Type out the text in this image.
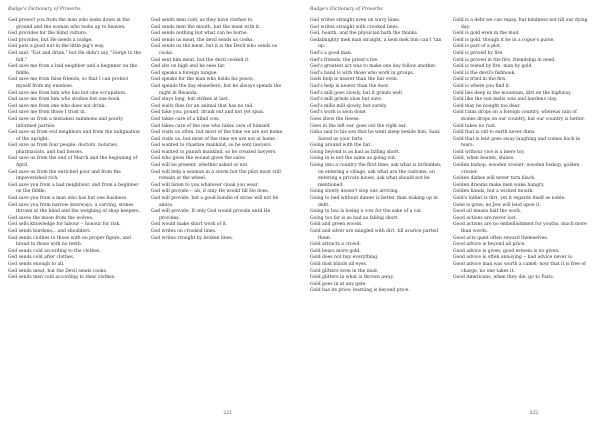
Budge's Dictionary of Proverbs
God protect you from the man who looks down at the ground and the woman who looks up to heaven.
God provides for the blind vulture.
God provides, but He needs a nudge.
God puts a good nut in the little pig's way.
God said, "Eat and drink," but He didn't say, "Gorge to the full."
God save me from a bad neighbor and a beginner on the fiddle.
God save me from false friends, so that I can protect myself from my enemies.
God save me from him who has but one occupation.
God save me from him who studies but one book.
God save me from one who does not drink.
God save me from those I trust in.
God save us from a mistaken summons and poorly informed parties.
God save us from evil neighbors and from the indignation of the upright.
God save us from four people: doctors, notaries, pharmacists, and bad bosses.
God save us from the end of March and the beginning of April.
God save us from the enriched poor and from the impoverished rich.
God save you from a bad neighbour, and from a beginner on the fiddle.
God save you from a man who has but one business.
God save you from narrow doorways, a carving, stones thrown at the blind and the weighing of shop keepers.
God saves the moon from the wolves.
God sells knowledge for labour -- honour for risk.
God sends burdens... and shoulders.
God sends clothes to those with no proper figure, and bread to those with no teeth.
God sends cold according to the clothes.
God sends cold after clothes.
God sends enough to all.
God sends meat, but the Devil sends cooks.
God sends men cold according to their clothes.
God sends men cold, as they have clothes to.
God sends men the mouth, but the meat with it.
God sends nothing but what can be borne.
God sends us meat, the devil sends us cooks.
God sends us the meat, but it is the Devil who sends us cooks.
God sent him meat, but the devil cooked it.
God sits on high and he sees far.
God speaks a foreign tongue.
God speaks for the man who holds his peace.
God spends the day elsewhere, but he always spends the night in Rwanda.
God stays long, but strikes at last.
God waits flies for an animal that has no tail.
God take you, pound, drunk out and not yet spun.
God takes care of a blind cow.
God takes care of the one who takes care of himself.
God visits us often, but most of the time we are not home.
God visits us, but most of the time we are not at home.
God wanted to chastise mankind, so he sent lawyers.
God wanted to punish mankind, so he created lawyers.
God who gives the wound gives the salve.
God will be present, whether asked or not.
God will help a seaman in a storm but the pilot must still remain at the wheel.
God will listen to you whatever cloak you wear.
God will provide -- ah, if only He would till He does.
God will provide, but a good bundle of straw will not be amiss.
God will provide. If only God would provide until He provides.
God would make short work of it.
God writes on crooked lines.
God writes straight by broken lines.
221
Budge's Dictionary of Proverbs
God writes straight even on wavy lines.
God writes straight with crooked lines.
God, health, and the physician hath the thanks.
Godalmighty mek man straight, a nem mek him can't 'tan up.
God's a good man.
God's friends, the priest's foe.
God's greatest act was to make one day follow another.
God's hand is with those who work in groups.
Gods help is nearer than the fair even.
God's help is nearer than the door.
God's mill goes slowly, but it grinds well.
God's mill grinds slow but sure.
God's mills mill slowly, but surely.
God's work is soon done.
Goes show the Geese.
Goes in the left ear, goes out the right ear.
Goha said to his son that he went sleep beside him. Said: Saved us your farts.
Going around with the hat.
Going beyond is as bad as falling short.
Going in is not the same as going out.
Going into a country the first time, ask what is forbidden; on entering a village, ask what are the customs; on entering a private house, ask what should not be mentioned.
Going slowly doesn't stop one arriving.
Going to bed without dinner is better than waking up in debt.
Going to law is losing a cow for the sake of a cat.
Going too far is as bad as falling short.
Gold and green woods.
Gold and silver are mingled with dirt, till avarice parted them.
Gold attracts a crowd.
Gold bears more gold.
Gold does not buy everything.
Gold dust blinds all eyes.
Gold glitters even in the mud.
Gold glitters in what is thrown away.
Gold goes in at any gate.
Gold has its price; learning is beyond price.
Gold is a debt we can repay, but kindness not till our dying day.
Gold is gold even in the mud.
Gold is gold, though it be in a rogue's purse.
Gold is part of a plot.
Gold is proved by fire.
Gold is proved in the fire, friendship in need.
Gold is tested by fire, man by gold.
Gold is the devil's fishhook.
Gold is tried in the fire.
Gold is where you find it.
Gold lies deep in the mountain, dirt on the highway.
Gold like the sun melts wax and hardens clay.
Gold may be bought too dear.
Gold rains drops on a foreign country, whereas rain of stones drops on our country, but our country is better.
Gold takes no rust.
Gold that is old to earth never dims.
Gold that is lent goes away laughing and comes back in tears.
Gold without vice is a mere toy.
Gold, when beaten, shines.
Golden bishop, wooden crosier; wooden bishop, golden crosier.
Golden dishes will never turn black.
Golden dreams make men wake hungry.
Golden hands, but a wicked mouth.
Gold's father is dirt, yet it regards itself as noble.
Gone is gone; no Jew will lend upon it.
Good oil means half the work.
Good actions are never lost.
Good actions are no embellishment for youths, much more than words.
Good acts quiet often reward themselves.
Good advice is beyond all price.
Good advice is given; good esteem is no given.
Good advice is often annoying -- bad advice never is.
Good advice man was worth a camel; now that it is free of charge, no one takes it.
Good Americans, when they die, go to Paris.
222
